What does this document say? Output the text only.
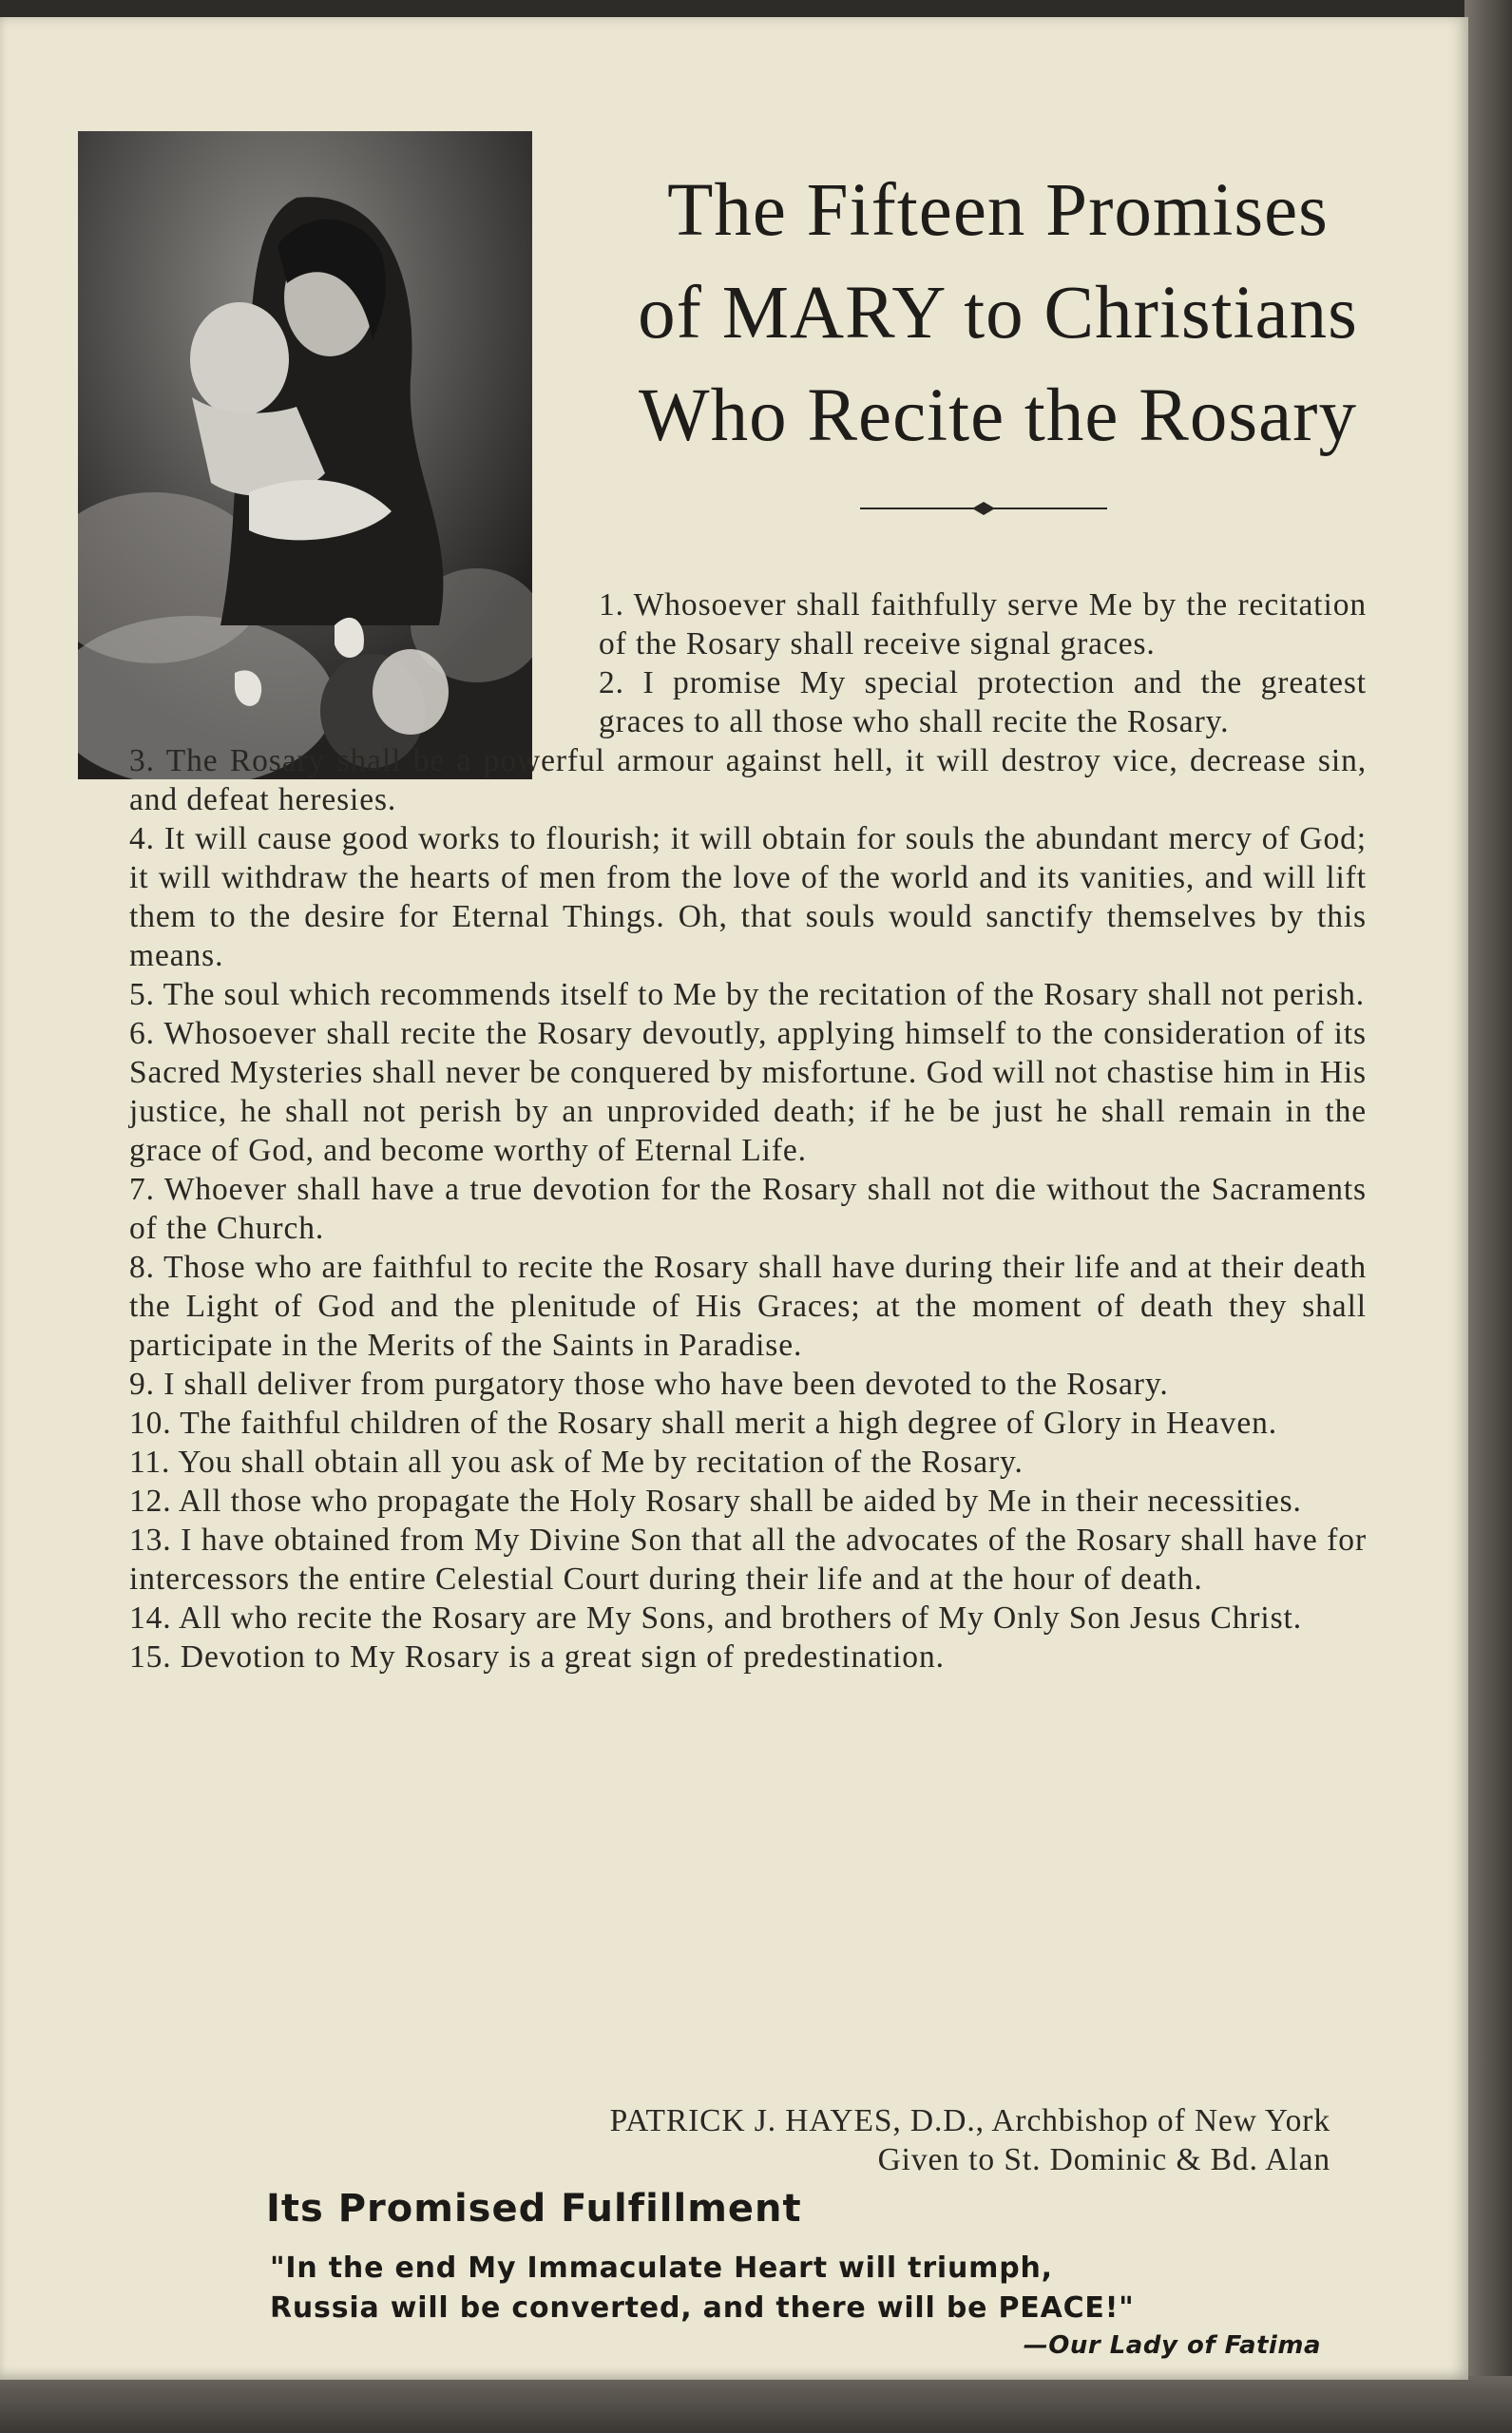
The Fifteen Promises
of MARY to Christians
Who Recite the Rosary

1. Whosoever shall faithfully serve Me by the recitation of the Rosary shall receive signal graces.

2. I promise My special protection and the greatest graces to all those who shall recite the Rosary.

3. The Rosary shall be a powerful armour against hell, it will destroy vice, decrease sin, and defeat heresies.

4. It will cause good works to flourish; it will obtain for souls the abundant mercy of God; it will withdraw the hearts of men from the love of the world and its vanities, and will lift them to the desire for Eternal Things. Oh, that souls would sanctify themselves by this means.

5. The soul which recommends itself to Me by the recitation of the Rosary shall not perish.

6. Whosoever shall recite the Rosary devoutly, applying himself to the consideration of its Sacred Mysteries shall never be conquered by misfortune. God will not chastise him in His justice, he shall not perish by an unprovided death; if he be just he shall remain in the grace of God, and become worthy of Eternal Life.

7. Whoever shall have a true devotion for the Rosary shall not die without the Sacraments of the Church.

8. Those who are faithful to recite the Rosary shall have during their life and at their death the Light of God and the plenitude of His Graces; at the moment of death they shall participate in the Merits of the Saints in Paradise.

9. I shall deliver from purgatory those who have been devoted to the Rosary.

10. The faithful children of the Rosary shall merit a high degree of Glory in Heaven.

11. You shall obtain all you ask of Me by recitation of the Rosary.

12. All those who propagate the Holy Rosary shall be aided by Me in their necessities.

13. I have obtained from My Divine Son that all the advocates of the Rosary shall have for intercessors the entire Celestial Court during their life and at the hour of death.

14. All who recite the Rosary are My Sons, and brothers of My Only Son Jesus Christ.

15. Devotion to My Rosary is a great sign of predestination.

PATRICK J. HAYES, D.D., Archbishop of New York
Given to St. Dominic & Bd. Alan
Its Promised Fulfillment
"In the end My Immaculate Heart will triumph,
Russia will be converted, and there will be PEACE!"
—Our Lady of Fatima
